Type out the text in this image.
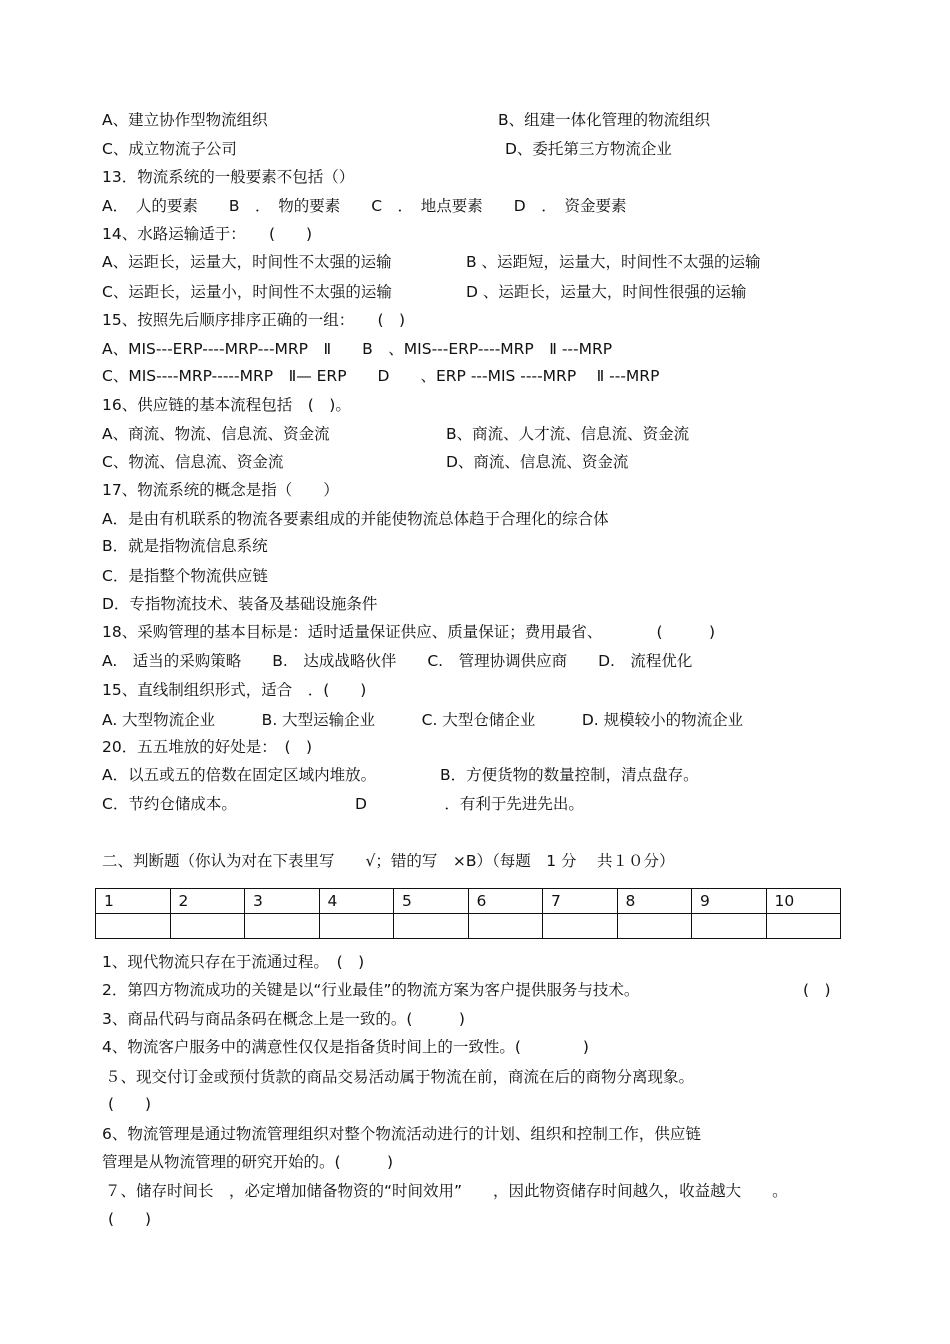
A、建立协作型物流组织	B、组建一体化管理的物流组织
C、成立物流子公司	D、委托第三方物流企业
13．物流系统的一般要素不包括（）
A．　人的要素　　B　．　物的要素　　C　．　地点要素　　D　．　资金要素
14、水路运输适于：　　(　　)
A、运距长，运量大，时间性不太强的运输	B 、运距短，运量大，时间性不太强的运输
C、运距长，运量小，时间性不太强的运输	D 、运距长，运量大，时间性很强的运输
15、按照先后顺序排序正确的一组：　　(　)
A、MIS---ERP----MRP---MRP　Ⅱ　　B　、MIS---ERP----MRP　Ⅱ ---MRP
C、MIS----MRP-----MRP　Ⅱ— ERP　　D　　、ERP ---MIS ----MRP　 Ⅱ ---MRP
16、供应链的基本流程包括　(　)。
A、商流、物流、信息流、资金流	B、商流、人才流、信息流、资金流
C、物流、信息流、资金流	D、商流、信息流、资金流
17、物流系统的概念是指（　　）
A．是由有机联系的物流各要素组成的并能使物流总体趋于合理化的综合体
B．就是指物流信息系统
C．是指整个物流供应链
D．专指物流技术、装备及基础设施条件
18、采购管理的基本目标是：适时适量保证供应、质量保证；费用最省、　　　　(　　　)
A.　适当的采购策略　　B.　达成战略伙伴　　C.　管理协调供应商　　D.　流程优化
15、直线制组织形式，适合　．(　　)
A. 大型物流企业　　　B. 大型运输企业　　　C. 大型仓储企业　　　D. 规模较小的物流企业
20．五五堆放的好处是：　(　)
A．以五或五的倍数在固定区域内堆放。	B．方便货物的数量控制，清点盘存。
C．节约仓储成本。	D　　　　　．有利于先进先出。
二、判断题（你认为对在下表里写　　√；错的写　×B）（每题　1 分　 共１０分）
1、现代物流只存在于流通过程。　(　)
2．第四方物流成功的关键是以“行业最佳”的物流方案为客户提供服务与技术。	(　)
3、商品代码与商品条码在概念上是一致的。(　　　)
4、物流客户服务中的满意性仅仅是指备货时间上的一致性。(　　　　)
５、现交付订金或预付货款的商品交易活动属于物流在前，商流在后的商物分离现象。
(　　)
6、物流管理是通过物流管理组织对整个物流活动进行的计划、组织和控制工作，供应链
管理是从物流管理的研究开始的。(　　　)
７、储存时间长　，必定增加储备物资的“时间效用”　　，因此物资储存时间越久，收益越大　　。
(　　)
1	2	3	4	5	6	7	8	9	10
